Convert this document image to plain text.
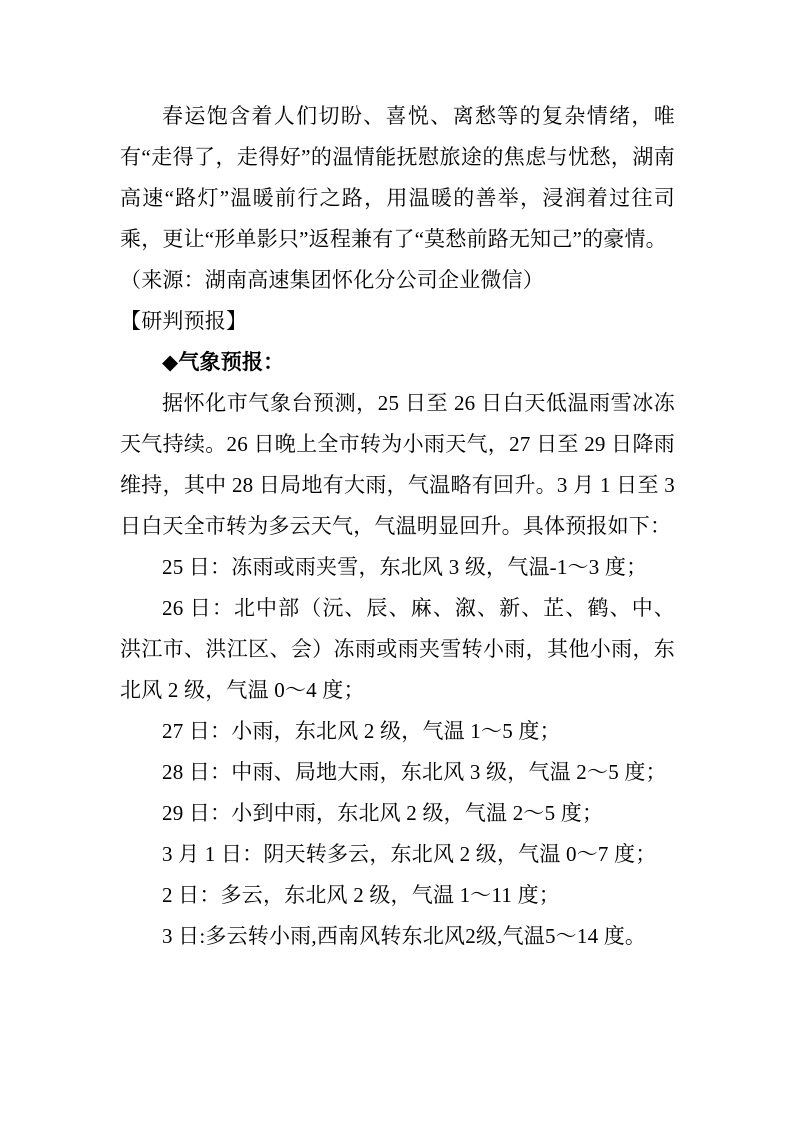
春运饱含着人们切盼、喜悦、离愁等的复杂情绪，唯有“走得了，走得好”的温情能抚慰旅途的焦虑与忧愁，湖南高速“路灯”温暖前行之路，用温暖的善举，浸润着过往司乘，更让“形单影只”返程兼有了“莫愁前路无知己”的豪情。

（来源：湖南高速集团怀化分公司企业微信）

【研判预报】

◆气象预报：

据怀化市气象台预测，25 日至 26 日白天低温雨雪冰冻天气持续。26 日晚上全市转为小雨天气，27 日至 29 日降雨维持，其中 28 日局地有大雨，气温略有回升。3 月 1 日至 3 日白天全市转为多云天气，气温明显回升。具体预报如下：

25 日：冻雨或雨夹雪，东北风 3 级，气温-1～3 度；

26 日：北中部（沅、辰、麻、溆、新、芷、鹤、中、洪江市、洪江区、会）冻雨或雨夹雪转小雨，其他小雨，东北风 2 级，气温 0～4 度；

27 日：小雨，东北风 2 级，气温 1～5 度；

28 日：中雨、局地大雨，东北风 3 级，气温 2～5 度；

29 日：小到中雨，东北风 2 级，气温 2～5 度；

3 月 1 日：阴天转多云，东北风 2 级，气温 0～7 度；

2 日：多云，东北风 2 级，气温 1～11 度；

3 日:多云转小雨,西南风转东北风2级,气温5～14 度。
